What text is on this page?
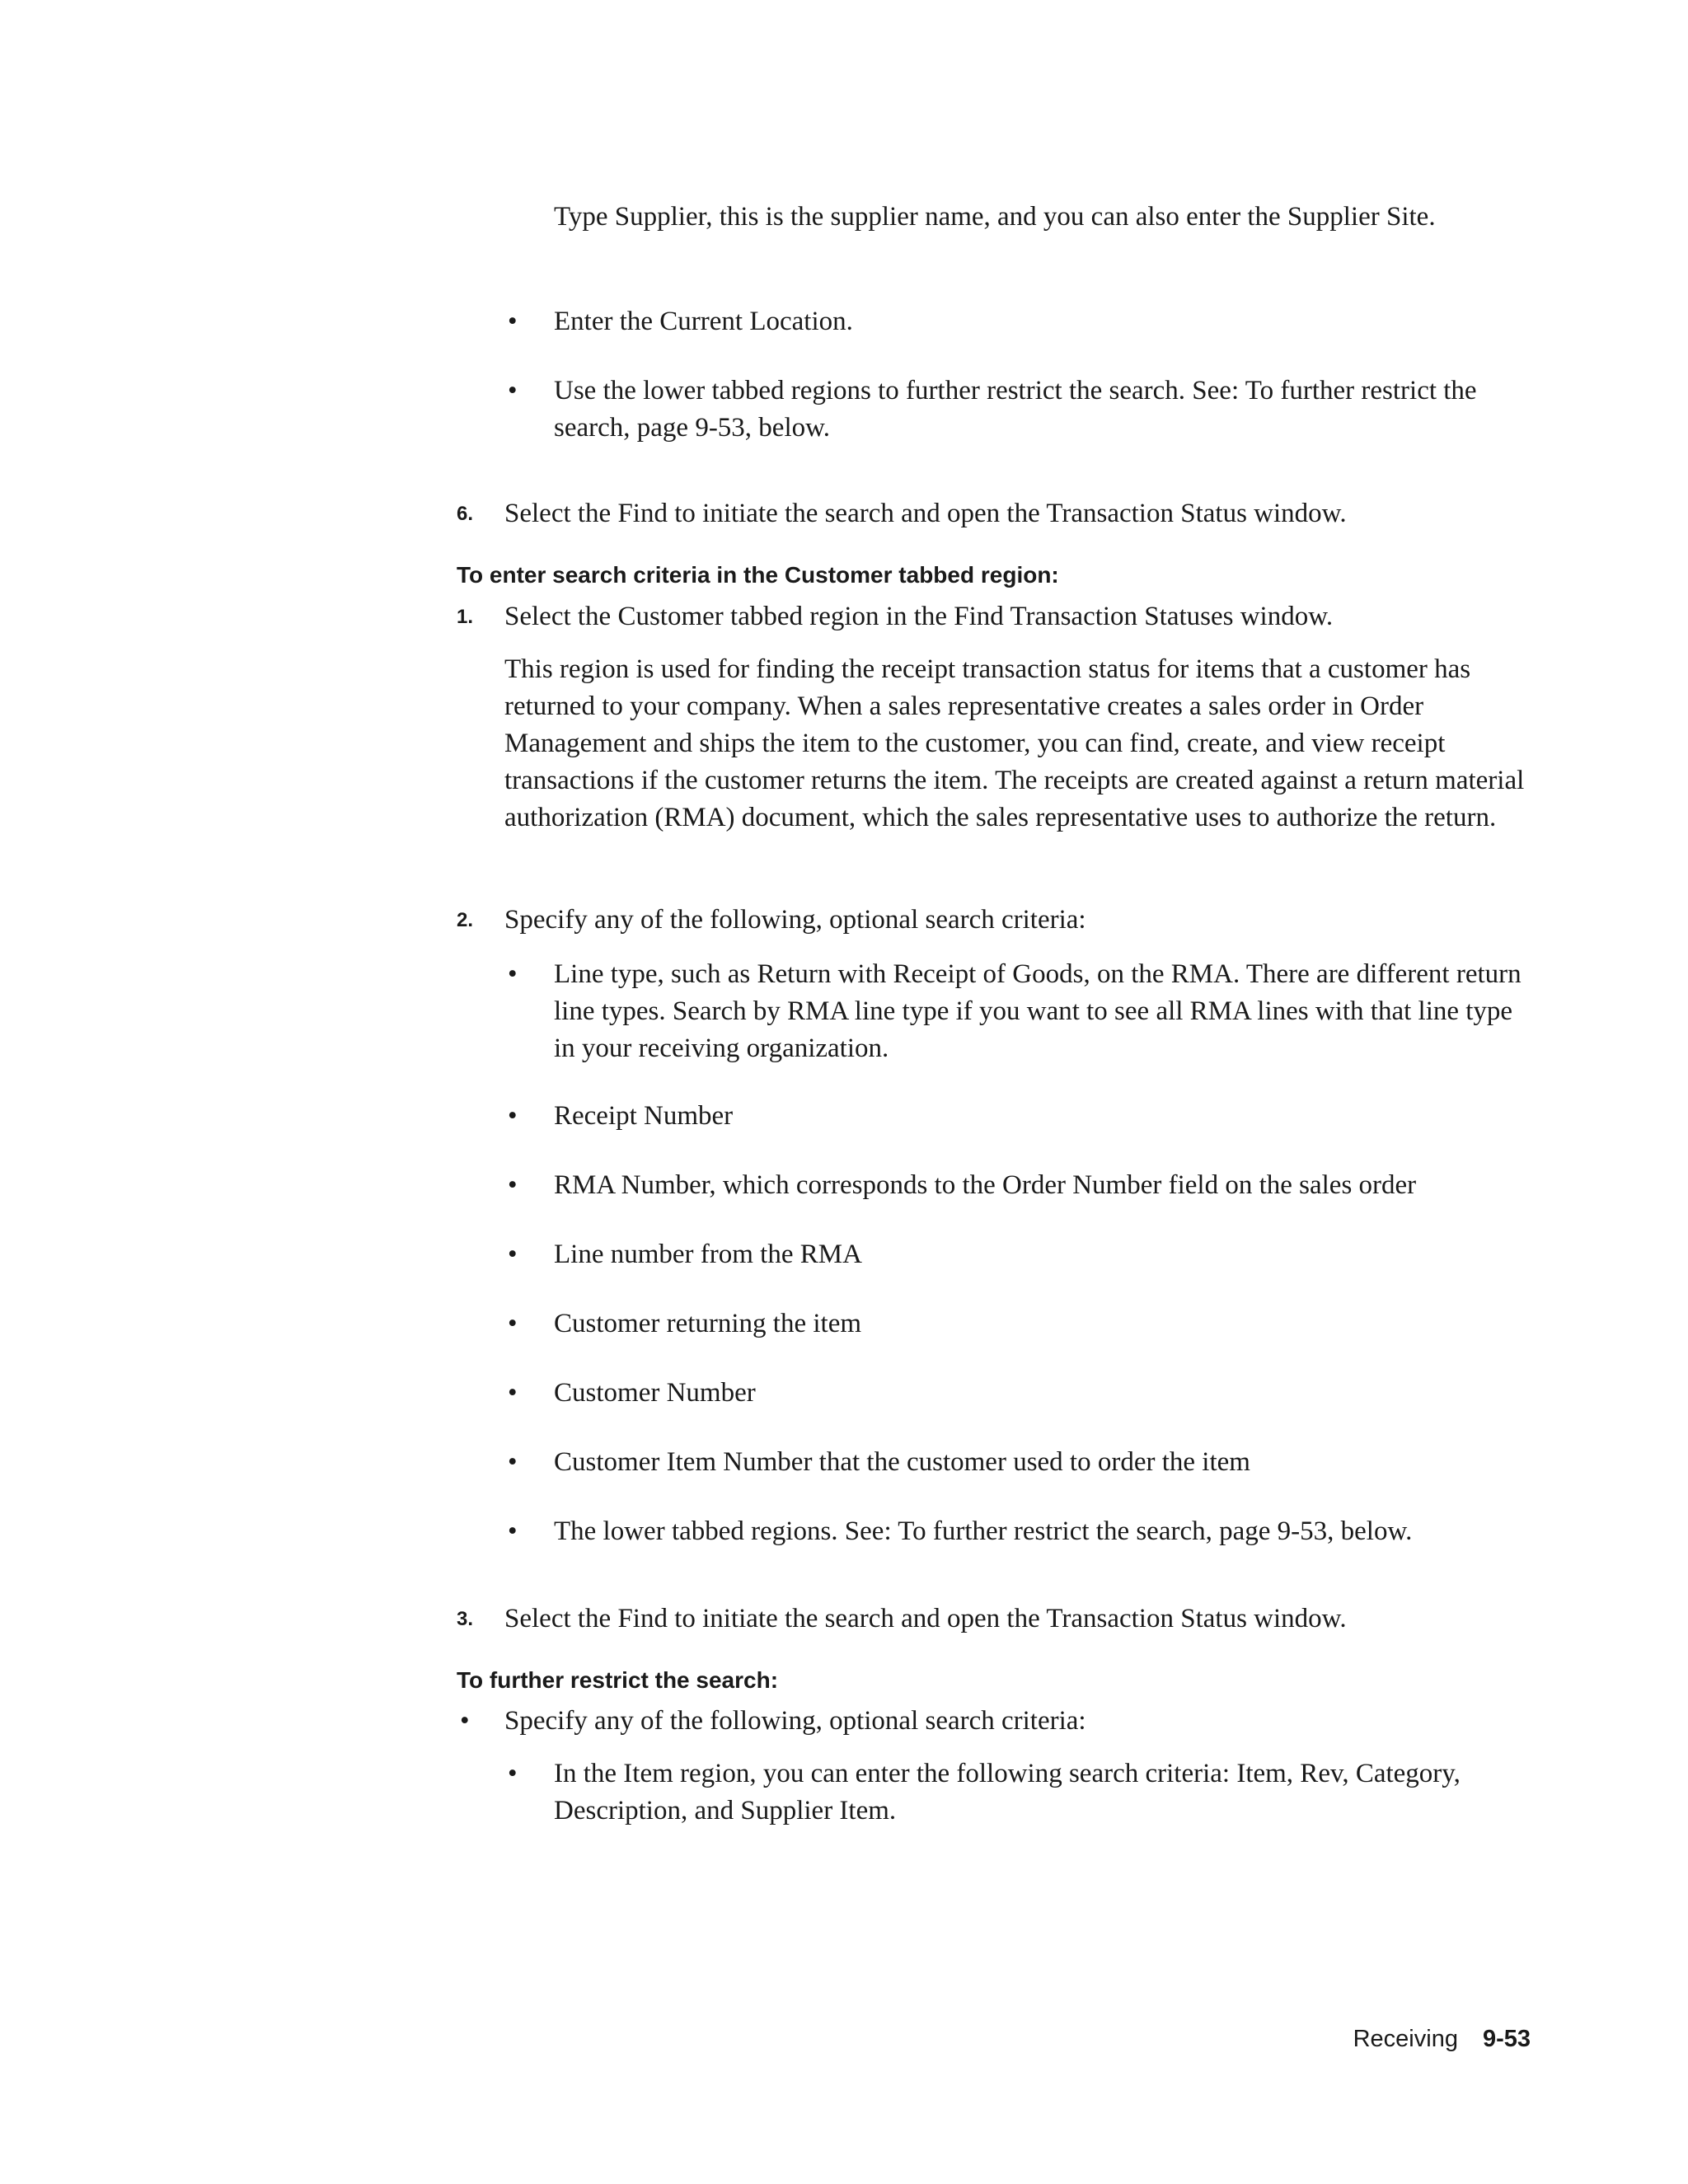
Type Supplier, this is the supplier name, and you can also enter the Supplier Site.

• Enter the Current Location.

• Use the lower tabbed regions to further restrict the search. See: To further restrict the search, page 9-53, below.

6. Select the Find to initiate the search and open the Transaction Status window.

To enter search criteria in the Customer tabbed region:
1. Select the Customer tabbed region in the Find Transaction Statuses window.

This region is used for finding the receipt transaction status for items that a customer has returned to your company. When a sales representative creates a sales order in Order Management and ships the item to the customer, you can find, create, and view receipt transactions if the customer returns the item. The receipts are created against a return material authorization (RMA) document, which the sales representative uses to authorize the return.

2. Specify any of the following, optional search criteria:

• Line type, such as Return with Receipt of Goods, on the RMA. There are different return line types. Search by RMA line type if you want to see all RMA lines with that line type in your receiving organization.

• Receipt Number

• RMA Number, which corresponds to the Order Number field on the sales order

• Line number from the RMA

• Customer returning the item

• Customer Number

• Customer Item Number that the customer used to order the item

• The lower tabbed regions. See: To further restrict the search, page 9-53, below.

3. Select the Find to initiate the search and open the Transaction Status window.

To further restrict the search:
• Specify any of the following, optional search criteria:

• In the Item region, you can enter the following search criteria: Item, Rev, Category, Description, and Supplier Item.

Receiving 9-53
